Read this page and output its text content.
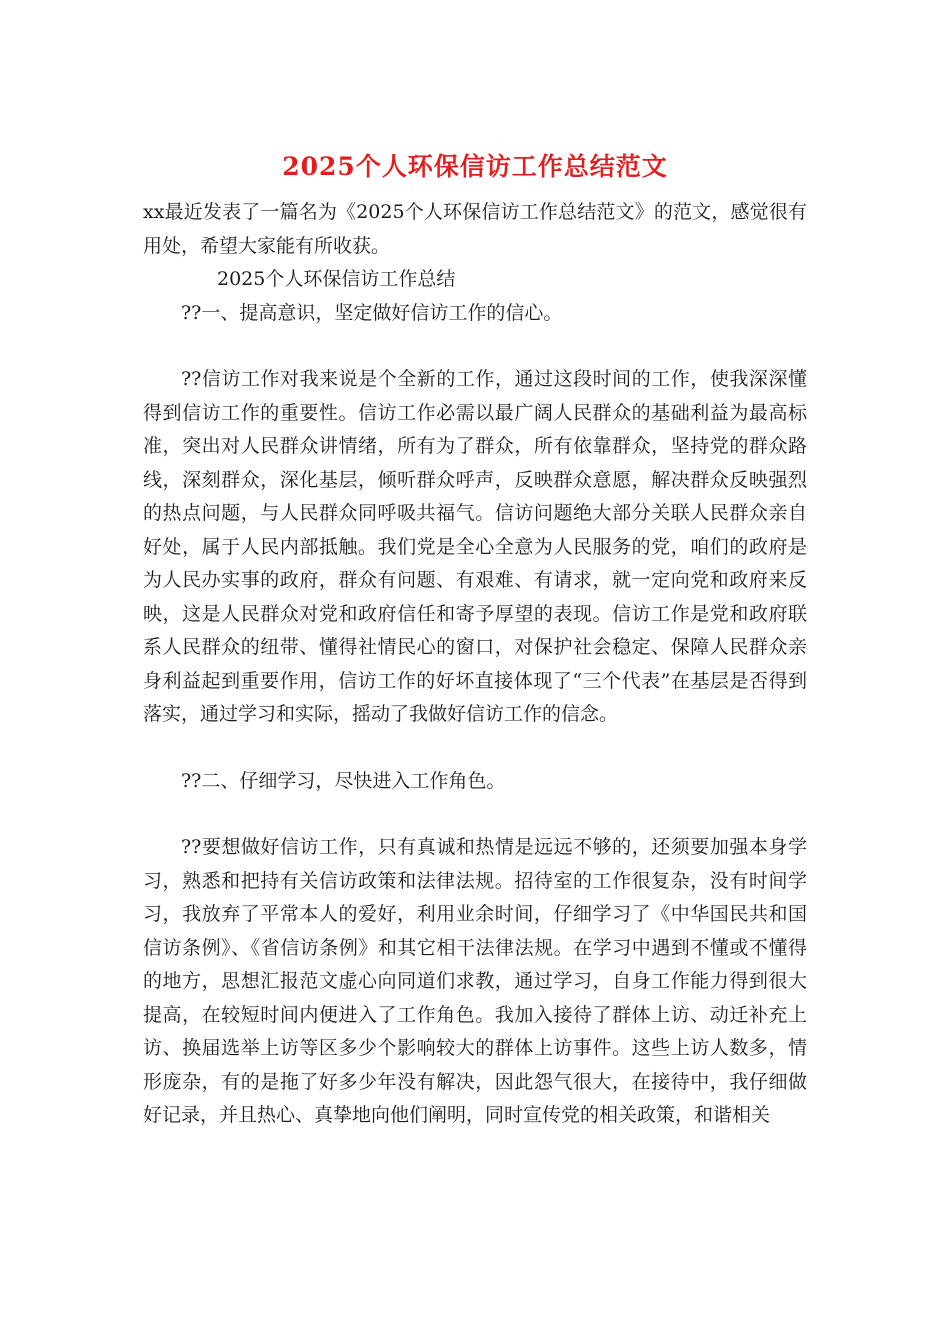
2025个人环保信访工作总结范文

xx最近发表了一篇名为《2025个人环保信访工作总结范文》的范文，感觉很有用处，希望大家能有所收获。

2025个人环保信访工作总结

??一、提高意识，坚定做好信访工作的信心。

??信访工作对我来说是个全新的工作，通过这段时间的工作，使我深深懂得到信访工作的重要性。信访工作必需以最广阔人民群众的基础利益为最高标准，突出对人民群众讲情绪，所有为了群众，所有依靠群众，坚持党的群众路线，深刻群众，深化基层，倾听群众呼声，反映群众意愿，解决群众反映强烈的热点问题，与人民群众同呼吸共福气。信访问题绝大部分关联人民群众亲自好处，属于人民内部抵触。我们党是全心全意为人民服务的党，咱们的政府是为人民办实事的政府，群众有问题、有艰难、有请求，就一定向党和政府来反映，这是人民群众对党和政府信任和寄予厚望的表现。信访工作是党和政府联系人民群众的纽带、懂得社情民心的窗口，对保护社会稳定、保障人民群众亲身利益起到重要作用，信访工作的好坏直接体现了“三个代表”在基层是否得到落实，通过学习和实际，摇动了我做好信访工作的信念。

??二、仔细学习，尽快进入工作角色。

??要想做好信访工作，只有真诚和热情是远远不够的，还须要加强本身学习，熟悉和把持有关信访政策和法律法规。招待室的工作很复杂，没有时间学习，我放弃了平常本人的爱好，利用业余时间，仔细学习了《中华国民共和国信访条例》、《省信访条例》和其它相干法律法规。在学习中遇到不懂或不懂得的地方，思想汇报范文虚心向同道们求教，通过学习，自身工作能力得到很大提高，在较短时间内便进入了工作角色。我加入接待了群体上访、动迁补充上访、换届选举上访等区多少个影响较大的群体上访事件。这些上访人数多，情形庞杂，有的是拖了好多少年没有解决，因此怨气很大，在接待中，我仔细做好记录，并且热心、真挚地向他们阐明，同时宣传党的相关政策，和谐相关
